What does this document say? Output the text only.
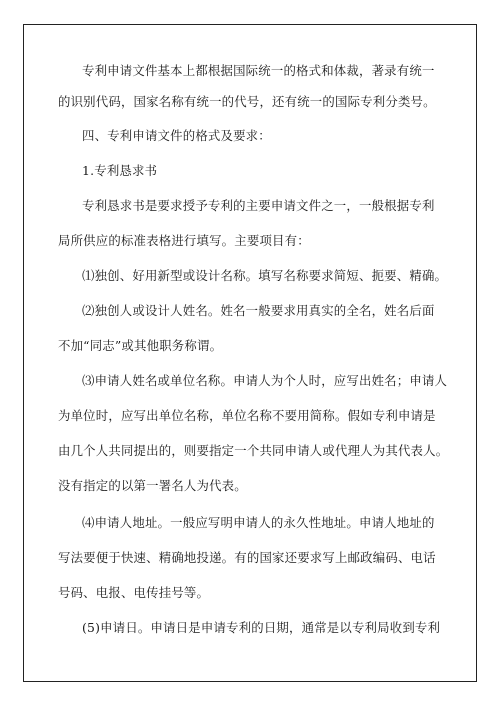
专利申请文件基本上都根据国际统一的格式和体裁，著录有统一
的识别代码，国家名称有统一的代号，还有统一的国际专利分类号。
四、专利申请文件的格式及要求：
1.专利恳求书
专利恳求书是要求授予专利的主要申请文件之一，一般根据专利
局所供应的标准表格进行填写。主要项目有：
⑴独创、好用新型或设计名称。填写名称要求简短、扼要、精确。
⑵独创人或设计人姓名。姓名一般要求用真实的全名，姓名后面
不加“同志”或其他职务称谓。
⑶申请人姓名或单位名称。申请人为个人时，应写出姓名；申请人
为单位时，应写出单位名称，单位名称不要用简称。假如专利申请是
由几个人共同提出的，则要指定一个共同申请人或代理人为其代表人。
没有指定的以第一署名人为代表。
⑷申请人地址。一般应写明申请人的永久性地址。申请人地址的
写法要便于快速、精确地投递。有的国家还要求写上邮政编码、电话
号码、电报、电传挂号等。
(5)申请日。申请日是申请专利的日期，通常是以专利局收到专利
